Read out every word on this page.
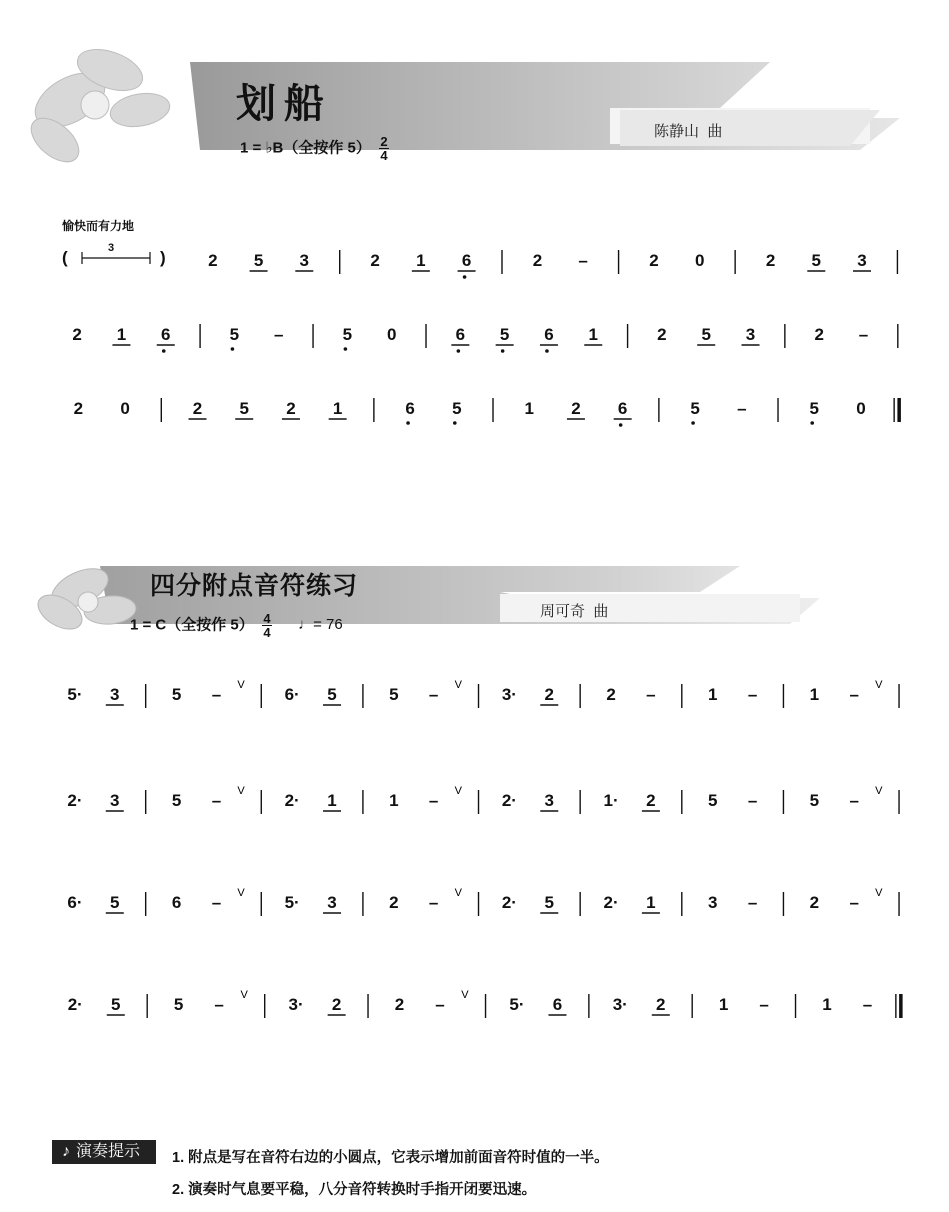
划船
陈静山  曲
1 = ♭B（全按作 $5) \frac{2}{4}$
愉快而有力地
(	)
3
四分附点音符练习
周可奇  曲
1 = C（全按作 $5) \frac{4}{4}$ ♩= 76
2 5 3	2 1 6	2 –	2 0	2 5 3
2 1 6	5 –	5 0	6 5 6 1	2 5 3	2 –
2 0	2 5 2 1	6 5	1 2 6	5 –	5 0
5· 3	5 – V 6· 5	5 – V 3· 2	2 –	1 –	1 – V
2· 3	5 – V 2· 1	1 – V 2· 3	1· 2	5 –	5 – V
6· 5	6 – V 5· 3	2 – V 2· 5	2· 1	3 –	2 – V
2· 5	5 – V 3· 2	2 – V 5· 6	3· 2	1 –	1 –
♪ 演奏提示	1. 附点是写在音符右边的小圆点，它表示增加前面音符时值的一半。
2. 演奏时气息要平稳，八分音符转换时手指开闭要迅速。
